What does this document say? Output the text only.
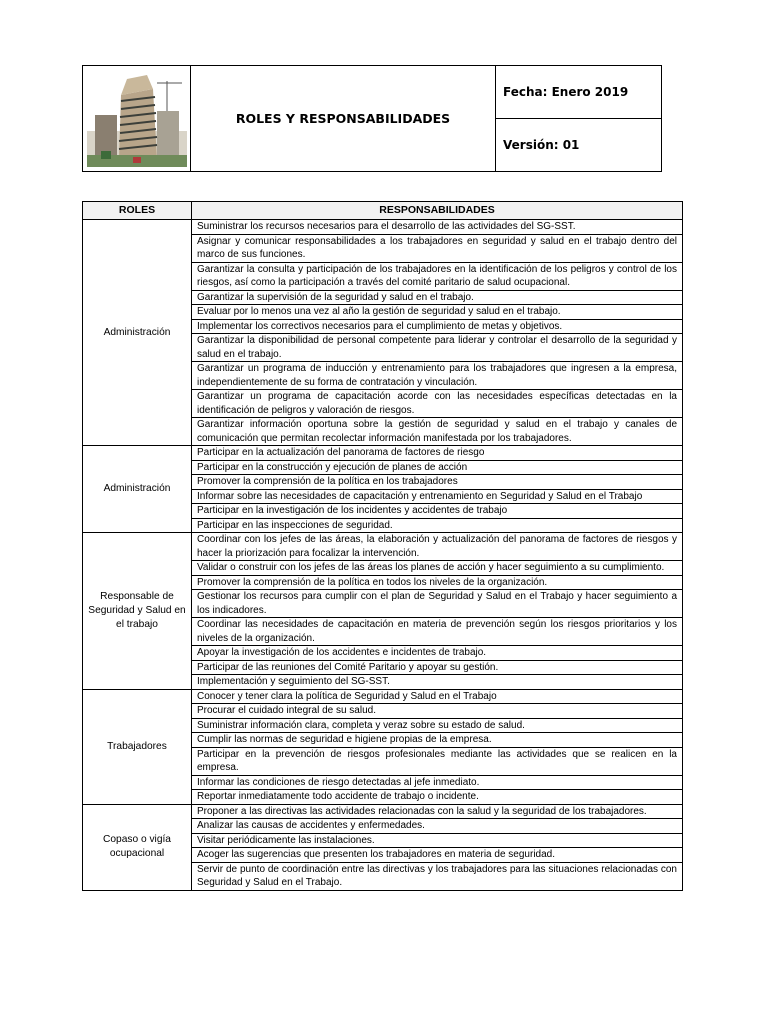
	ROLES Y RESPONSABILIDADES	Fecha: Enero 2019
Versión: 01
ROLES	RESPONSABILIDADES
Administración	Suministrar los recursos necesarios para el desarrollo de las actividades del SG-SST.
	Asignar y comunicar responsabilidades a los trabajadores en seguridad y salud en el trabajo dentro del marco de sus funciones.
	Garantizar la consulta y participación de los trabajadores en la identificación de los peligros y control de los riesgos, así como la participación a través del comité paritario de salud ocupacional.
	Garantizar la supervisión de la seguridad y salud en el trabajo.
	Evaluar por lo menos una vez al año la gestión de seguridad y salud en el trabajo.
	Implementar los correctivos necesarios para el cumplimiento de metas y objetivos.
	Garantizar la disponibilidad de personal competente para liderar y controlar el desarrollo de la seguridad y salud en el trabajo.
	Garantizar un programa de inducción y entrenamiento para los trabajadores que ingresen a la empresa, independientemente de su forma de contratación y vinculación.
	Garantizar un programa de capacitación acorde con las necesidades específicas detectadas en la identificación de peligros y valoración de riesgos.
	Garantizar información oportuna sobre la gestión de seguridad y salud en el trabajo y canales de comunicación que permitan recolectar información manifestada por los trabajadores.
Administración	Participar en la actualización del panorama de factores de riesgo
	Participar en la construcción y ejecución de planes de acción
	Promover la comprensión de la política en los trabajadores
	Informar sobre las necesidades de capacitación y entrenamiento en Seguridad y Salud en el Trabajo
	Participar en la investigación de los incidentes y accidentes de trabajo
	Participar en las inspecciones de seguridad.
Responsable de Seguridad y Salud en el trabajo	Coordinar con los jefes de las áreas, la elaboración y actualización del panorama de factores de riesgos y hacer la priorización para focalizar la intervención.
	Validar o construir con los jefes de las áreas los planes de acción y hacer seguimiento a su cumplimiento.
	Promover la comprensión de la política en todos los niveles de la organización.
	Gestionar los recursos para cumplir con el plan de Seguridad y Salud en el Trabajo y hacer seguimiento a los indicadores.
	Coordinar las necesidades de capacitación en materia de prevención según los riesgos prioritarios y los niveles de la organización.
	Apoyar la investigación de los accidentes e incidentes de trabajo.
	Participar de las reuniones del Comité Paritario y apoyar su gestión.
	Implementación y seguimiento del SG-SST.
Trabajadores	Conocer y tener clara la política de Seguridad y Salud en el Trabajo
	Procurar el cuidado integral de su salud.
	Suministrar información clara, completa y veraz sobre su estado de salud.
	Cumplir las normas de seguridad e higiene propias de la empresa.
	Participar en la prevención de riesgos profesionales mediante las actividades que se realicen en la empresa.
	Informar las condiciones de riesgo detectadas al jefe inmediato.
	Reportar inmediatamente todo accidente de trabajo o incidente.
Copaso o vigía ocupacional	Proponer a las directivas las actividades relacionadas con la salud y la seguridad de los trabajadores.
	Analizar las causas de accidentes y enfermedades.
	Visitar periódicamente las instalaciones.
	Acoger las sugerencias que presenten los trabajadores en materia de seguridad.
	Servir de punto de coordinación entre las directivas y los trabajadores para las situaciones relacionadas con Seguridad y Salud en el Trabajo.
